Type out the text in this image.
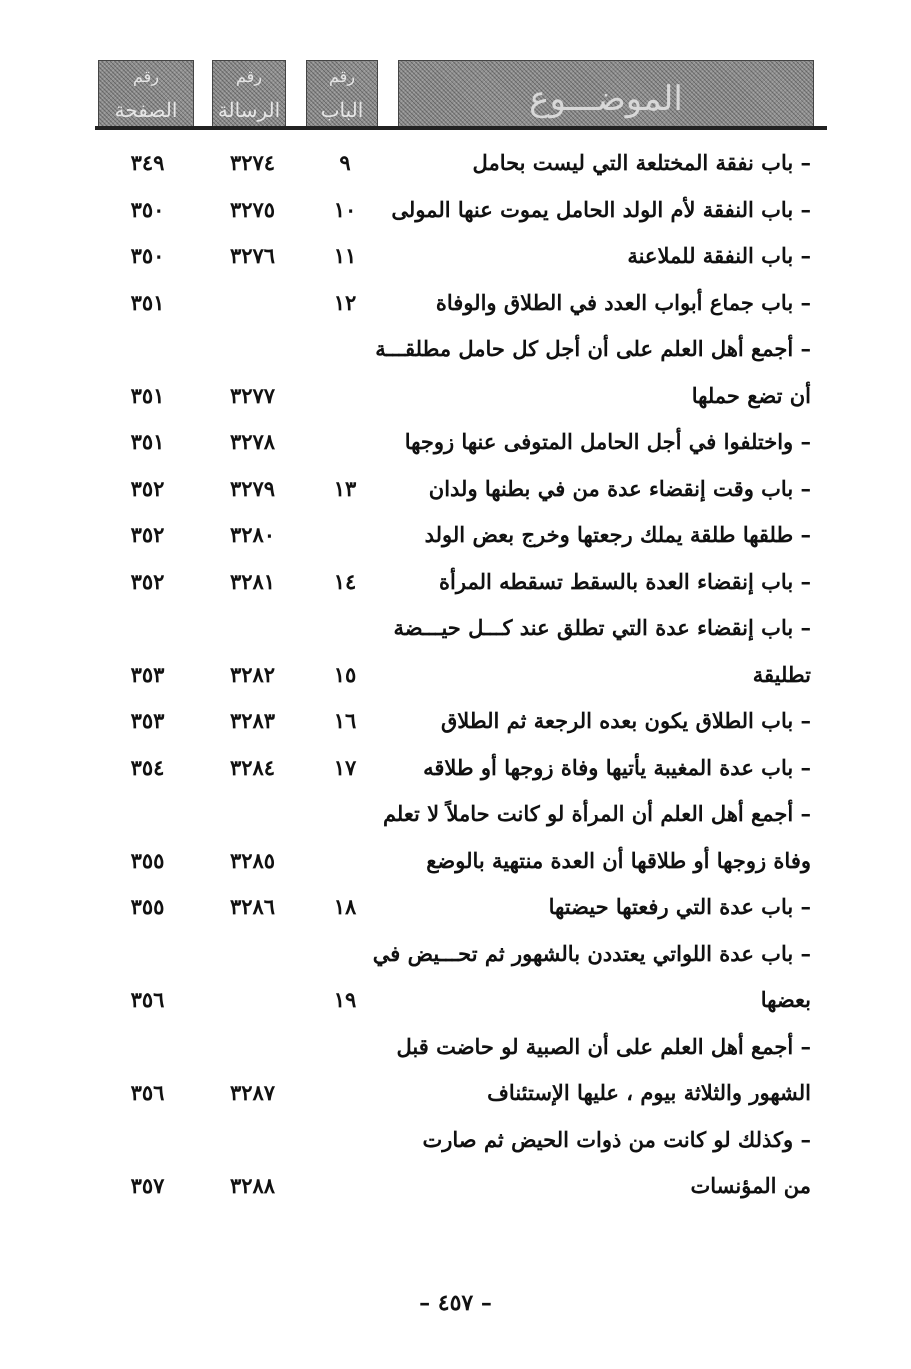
رقم
الصفحة
رقم
الرسالة
رقم
الباب	الموضـــوع
– باب نفقة المختلعة التي ليست بحامل
٩
٣٢٧٤
٣٤٩
– باب النفقة لأم الولد الحامل يموت عنها المولى
١٠
٣٢٧٥
٣٥٠
– باب النفقة للملاعنة
١١
٣٢٧٦
٣٥٠
– باب جماع أبواب العدد في الطلاق والوفاة
١٢
٣٥١
– أجمع أهل العلم على أن أجل كل حامل مطلقـــة
أن تضع حملها
٣٢٧٧
٣٥١
– واختلفوا في أجل الحامل المتوفى عنها زوجها
٣٢٧٨
٣٥١
– باب وقت إنقضاء عدة من في بطنها ولدان
١٣
٣٢٧٩
٣٥٢
– طلقها طلقة يملك رجعتها وخرج بعض الولد
٣٢٨٠
٣٥٢
– باب إنقضاء العدة بالسقط تسقطه المرأة
١٤
٣٢٨١
٣٥٢
– باب إنقضاء عدة التي تطلق عند كـــل حيـــضة
تطليقة
١٥
٣٢٨٢
٣٥٣
– باب الطلاق يكون بعده الرجعة ثم الطلاق
١٦
٣٢٨٣
٣٥٣
– باب عدة المغيبة يأتيها وفاة زوجها أو طلاقه
١٧
٣٢٨٤
٣٥٤
– أجمع أهل العلم أن المرأة لو كانت حاملاً لا تعلم
وفاة زوجها أو طلاقها أن العدة منتهية بالوضع
٣٢٨٥
٣٥٥
– باب عدة التي رفعتها حيضتها
١٨
٣٢٨٦
٣٥٥
– باب عدة اللواتي يعتددن بالشهور ثم تحـــيض في
بعضها
١٩
٣٥٦
– أجمع أهل العلم على أن الصبية لو حاضت قبل
الشهور والثلاثة بيوم ، عليها الإستئناف
٣٢٨٧
٣٥٦
– وكذلك لو كانت من ذوات الحيض ثم صارت
من المؤنسات
٣٢٨٨
٣٥٧
– ٤٥٧ –
